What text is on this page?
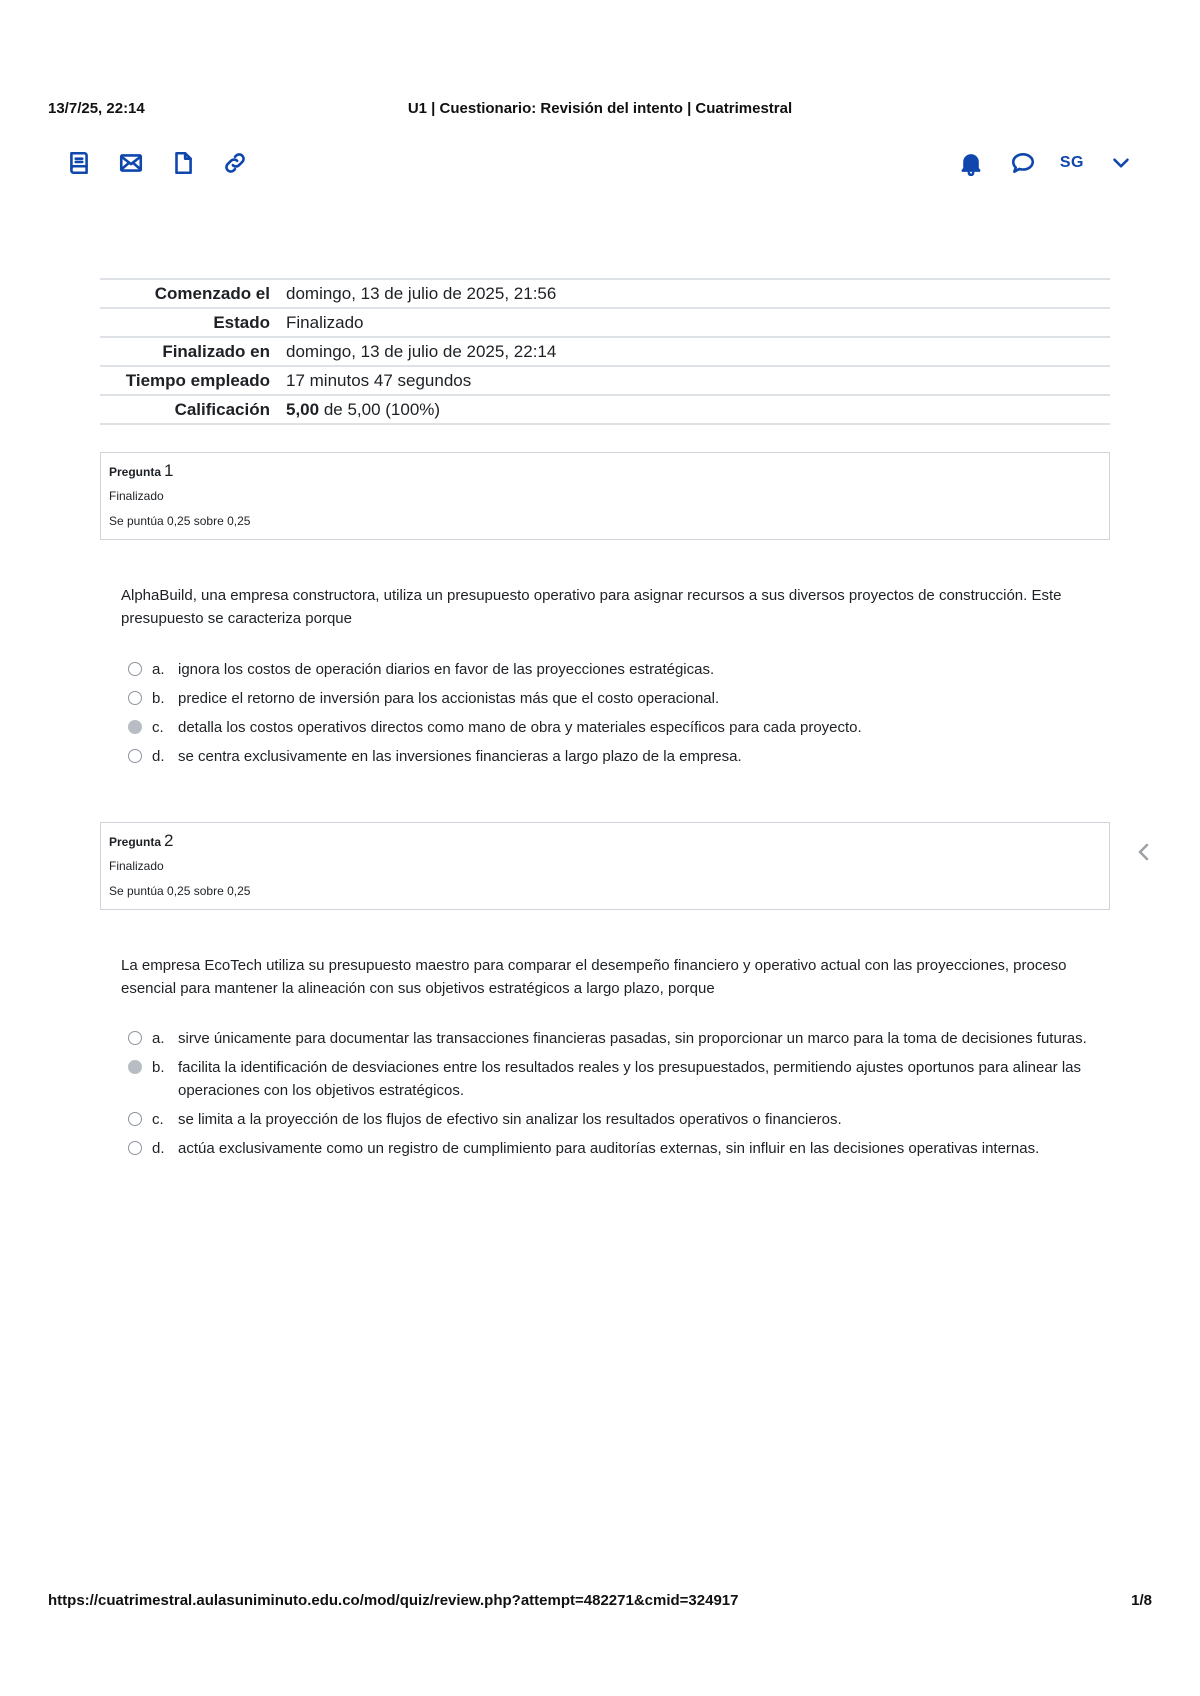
13/7/25, 22:14	U1 | Cuestionario: Revisión del intento | Cuatrimestral
SG
Comenzado el	domingo, 13 de julio de 2025, 21:56
Estado	Finalizado
Finalizado en	domingo, 13 de julio de 2025, 22:14
Tiempo empleado	17 minutos 47 segundos
Calificación	5,00 de 5,00 (100%)
Pregunta 1
Finalizado
Se puntúa 0,25 sobre 0,25
AlphaBuild, una empresa constructora, utiliza un presupuesto operativo para asignar recursos a sus diversos proyectos de construcción. Este presupuesto se caracteriza porque
a. ignora los costos de operación diarios en favor de las proyecciones estratégicas.
b. predice el retorno de inversión para los accionistas más que el costo operacional.
c. detalla los costos operativos directos como mano de obra y materiales específicos para cada proyecto.
d. se centra exclusivamente en las inversiones financieras a largo plazo de la empresa.
Pregunta 2
Finalizado
Se puntúa 0,25 sobre 0,25
La empresa EcoTech utiliza su presupuesto maestro para comparar el desempeño financiero y operativo actual con las proyecciones, proceso esencial para mantener la alineación con sus objetivos estratégicos a largo plazo, porque
a. sirve únicamente para documentar las transacciones financieras pasadas, sin proporcionar un marco para la toma de decisiones futuras.
b. facilita la identificación de desviaciones entre los resultados reales y los presupuestados, permitiendo ajustes oportunos para alinear las operaciones con los objetivos estratégicos.
c. se limita a la proyección de los flujos de efectivo sin analizar los resultados operativos o financieros.
d. actúa exclusivamente como un registro de cumplimiento para auditorías externas, sin influir en las decisiones operativas internas.
https://cuatrimestral.aulasuniminuto.edu.co/mod/quiz/review.php?attempt=482271&cmid=324917	1/8
